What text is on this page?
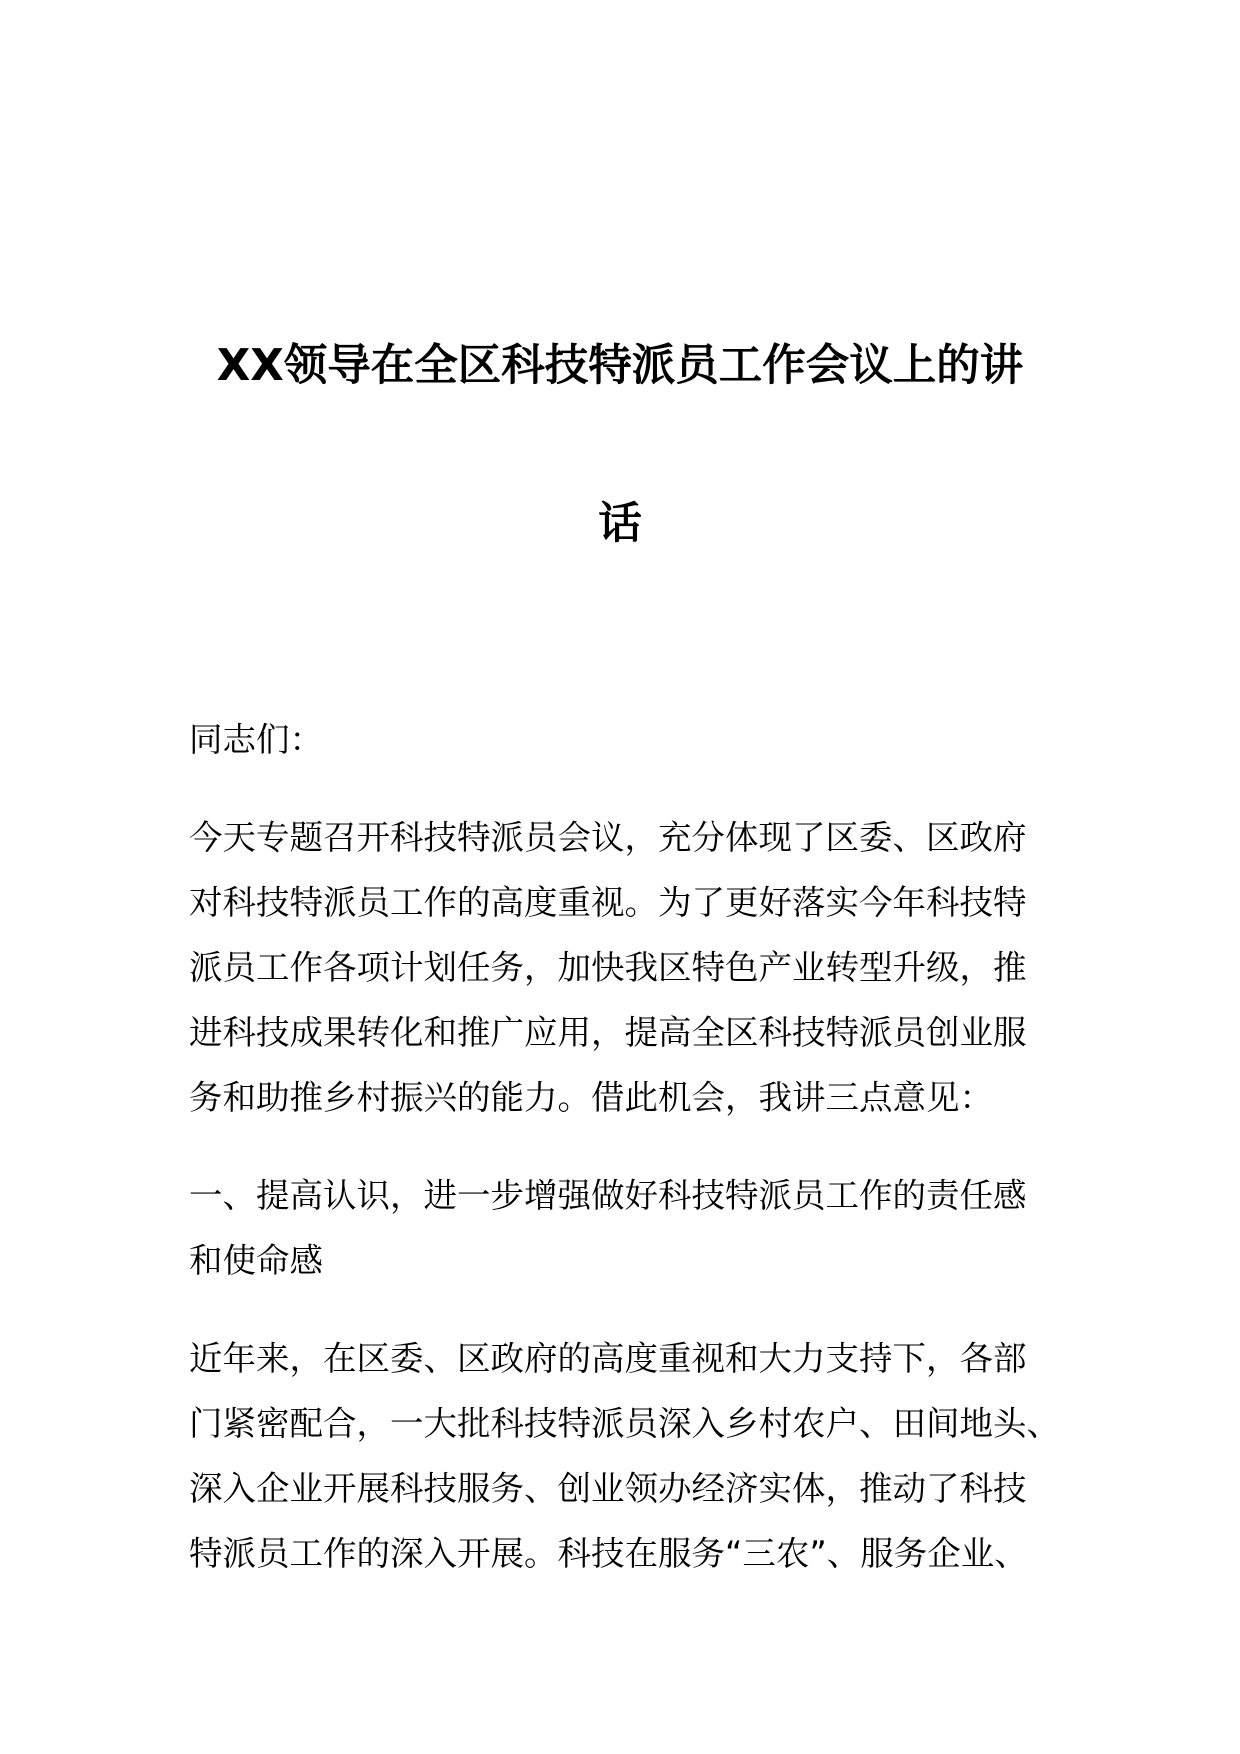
XX领导在全区科技特派员工作会议上的讲
话
同志们：
今天专题召开科技特派员会议，充分体现了区委、区政府
对科技特派员工作的高度重视。为了更好落实今年科技特
派员工作各项计划任务，加快我区特色产业转型升级，推
进科技成果转化和推广应用，提高全区科技特派员创业服
务和助推乡村振兴的能力。借此机会，我讲三点意见：
一、提高认识，进一步增强做好科技特派员工作的责任感
和使命感
近年来，在区委、区政府的高度重视和大力支持下，各部
门紧密配合，一大批科技特派员深入乡村农户、田间地头、
深入企业开展科技服务、创业领办经济实体，推动了科技
特派员工作的深入开展。科技在服务“三农”、服务企业、
